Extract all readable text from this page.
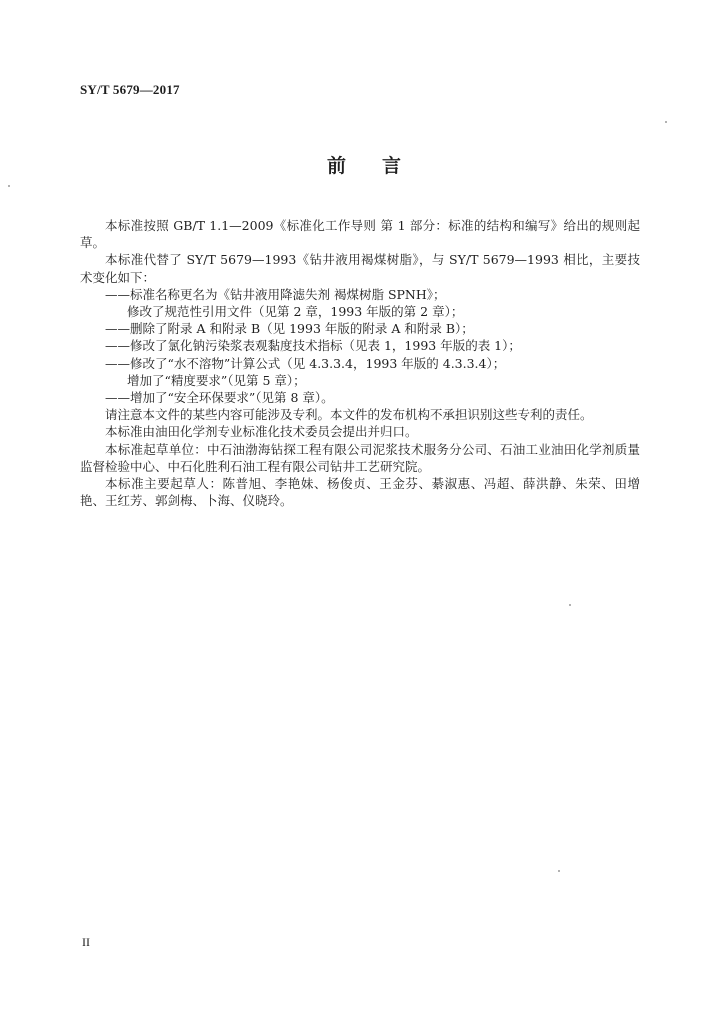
SY/T 5679—2017
前言

本标准按照 GB/T 1.1—2009《标准化工作导则 第 1 部分：标准的结构和编写》给出的规则起草。

本标准代替了 SY/T 5679—1993《钻井液用褐煤树脂》，与 SY/T 5679—1993 相比，主要技术变化如下：

——标准名称更名为《钻井液用降滤失剂 褐煤树脂 SPNH》；

修改了规范性引用文件（见第 2 章，1993 年版的第 2 章）；

——删除了附录 A 和附录 B（见 1993 年版的附录 A 和附录 B）；

——修改了氯化钠污染浆表观黏度技术指标（见表 1，1993 年版的表 1）；

——修改了“水不溶物”计算公式（见 4.3.3.4，1993 年版的 4.3.3.4）；

增加了“精度要求”（见第 5 章）；

——增加了“安全环保要求”（见第 8 章）。

请注意本文件的某些内容可能涉及专利。本文件的发布机构不承担识别这些专利的责任。

本标准由油田化学剂专业标准化技术委员会提出并归口。

本标准起草单位：中石油渤海钻探工程有限公司泥浆技术服务分公司、石油工业油田化学剂质量监督检验中心、中石化胜利石油工程有限公司钻井工艺研究院。

本标准主要起草人：陈普旭、李艳妹、杨俊贞、王金芬、綦淑惠、冯超、薛洪静、朱荣、田增艳、王红芳、郭剑梅、卜海、仪晓玲。

II
